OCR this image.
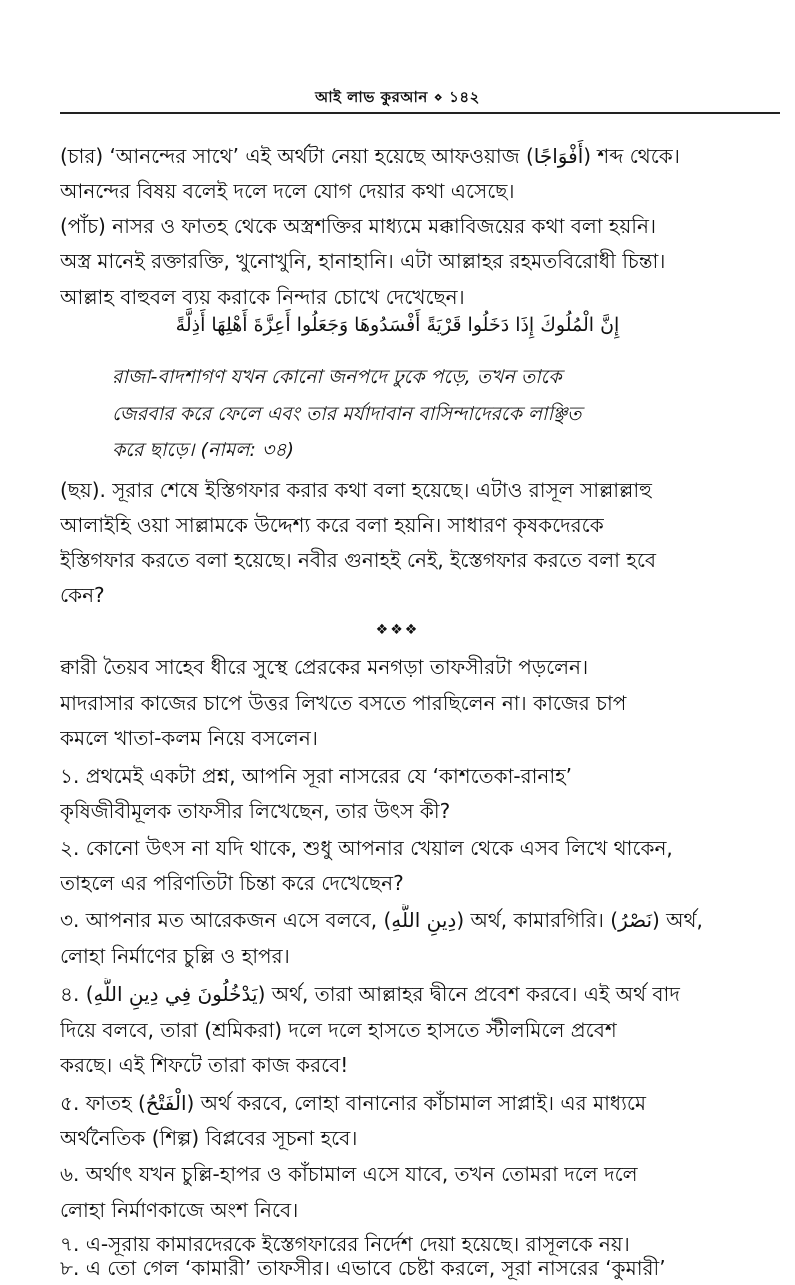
আই লাভ কুরআন ⋄ ১৪২
(চার) ‘আনন্দের সাথে’ এই অর্থটা নেয়া হয়েছে আফওয়াজ (أَفْوَاجًا) শব্দ থেকে।
আনন্দের বিষয় বলেই দলে দলে যোগ দেয়ার কথা এসেছে।
(পাঁচ) নাসর ও ফাতহ থেকে অস্ত্রশক্তির মাধ্যমে মক্কাবিজয়ের কথা বলা হয়নি।
অস্ত্র মানেই রক্তারক্তি, খুনোখুনি, হানাহানি। এটা আল্লাহর রহমতবিরোধী চিন্তা।
আল্লাহ বাহুবল ব্যয় করাকে নিন্দার চোখে দেখেছেন।
إِنَّ الْمُلُوكَ إِذَا دَخَلُوا قَرْيَةً أَفْسَدُوهَا وَجَعَلُوا أَعِزَّةَ أَهْلِهَا أَذِلَّةً
রাজা-বাদশাগণ যখন কোনো জনপদে ঢুকে পড়ে, তখন তাকে
জেরবার করে ফেলে এবং তার মর্যাদাবান বাসিন্দাদেরকে লাঞ্ছিত
করে ছাড়ে। (নামল: ৩৪)
(ছয়). সূরার শেষে ইস্তিগফার করার কথা বলা হয়েছে। এটাও রাসূল সাল্লাল্লাহু
আলাইহি ওয়া সাল্লামকে উদ্দেশ্য করে বলা হয়নি। সাধারণ কৃষকদেরকে
ইস্তিগফার করতে বলা হয়েছে। নবীর গুনাহই নেই, ইস্তেগফার করতে বলা হবে
কেন?
❖❖❖
ক্বারী তৈয়ব সাহেব ধীরে সুস্থে প্রেরকের মনগড়া তাফসীরটা পড়লেন।
মাদরাসার কাজের চাপে উত্তর লিখতে বসতে পারছিলেন না। কাজের চাপ
কমলে খাতা-কলম নিয়ে বসলেন।
১. প্রথমেই একটা প্রশ্ন, আপনি সূরা নাসরের যে ‘কাশতেকা-রানাহ’
কৃষিজীবীমূলক তাফসীর লিখেছেন, তার উৎস কী?
২. কোনো উৎস না যদি থাকে, শুধু আপনার খেয়াল থেকে এসব লিখে থাকেন,
তাহলে এর পরিণতিটা চিন্তা করে দেখেছেন?
৩. আপনার মত আরেকজন এসে বলবে, (دِينِ اللَّهِ) অর্থ, কামারগিরি। (نَصْرُ) অর্থ,
লোহা নির্মাণের চুল্লি ও হাপর।
৪. (يَدْخُلُونَ فِي دِينِ اللَّهِ) অর্থ, তারা আল্লাহর দ্বীনে প্রবেশ করবে। এই অর্থ বাদ
দিয়ে বলবে, তারা (শ্রমিকরা) দলে দলে হাসতে হাসতে স্টীলমিলে প্রবেশ
করছে। এই শিফটে তারা কাজ করবে!
৫. ফাতহ (الْفَتْحُ) অর্থ করবে, লোহা বানানোর কাঁচামাল সাপ্লাই। এর মাধ্যমে
অর্থনৈতিক (শিল্প) বিপ্লবের সূচনা হবে।
৬. অর্থাৎ যখন চুল্লি-হাপর ও কাঁচামাল এসে যাবে, তখন তোমরা দলে দলে
লোহা নির্মাণকাজে অংশ নিবে।
৭. এ-সূরায় কামারদেরকে ইস্তেগফারের নির্দেশ দেয়া হয়েছে। রাসূলকে নয়।
৮. এ তো গেল ‘কামারী’ তাফসীর। এভাবে চেষ্টা করলে, সূরা নাসরের ‘কুমারী’
